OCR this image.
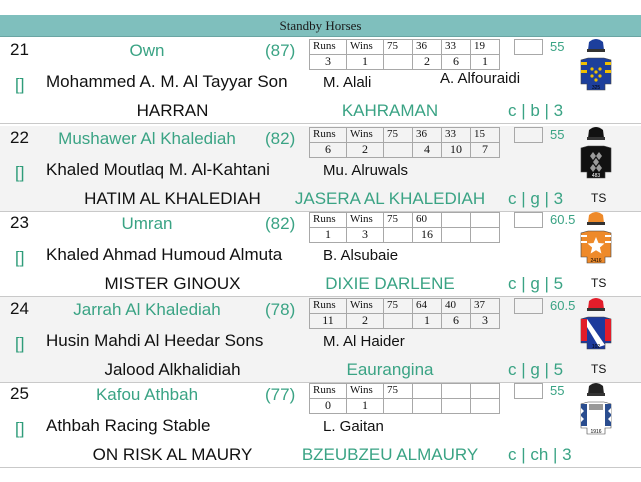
Standby Horses
21
[]
Own	(87) Runs	Wins	75	36	33	19
3	1		2	6	1
55
Mohammed A. M. Al Tayyar Son	M. Alali	A. Alfouraidi
HARRAN	KAHRAMAN	c | b | 3
325
22
[]
Mushawer Al Khalediah	(82) Runs	Wins	75	36	33	15
6	2		4	10	7
55
Khaled Moutlaq M. Al-Kahtani	Mu. Alruwals
HATIM AL KHALEDIAH	JASERA AL KHALEDIAH c | g | 3 TS
483
23
[]
Umran	(82) Runs	Wins	75	60		
1	3		16		
60.5
Khaled Ahmad Humoud Almuta	B. Alsubaie
MISTER GINOUX	DIXIE DARLENE	c | g | 5 TS
2416
24
[]
Jarrah Al Khalediah	(78) Runs	Wins	75	64	40	37
11	2		1	6	3
60.5
Husin Mahdi Al Heedar Sons	M. Al Haider
Jalood Alkhalidiah	Eaurangina	c | g | 5 TS
102
25
[]
Kafou Athbah	(77) Runs	Wins	75			
0	1				
55
Athbah Racing Stable	L. Gaitan
ON RISK AL MAURY	BZEUBZEU ALMAURY	c | ch | 3
1916
